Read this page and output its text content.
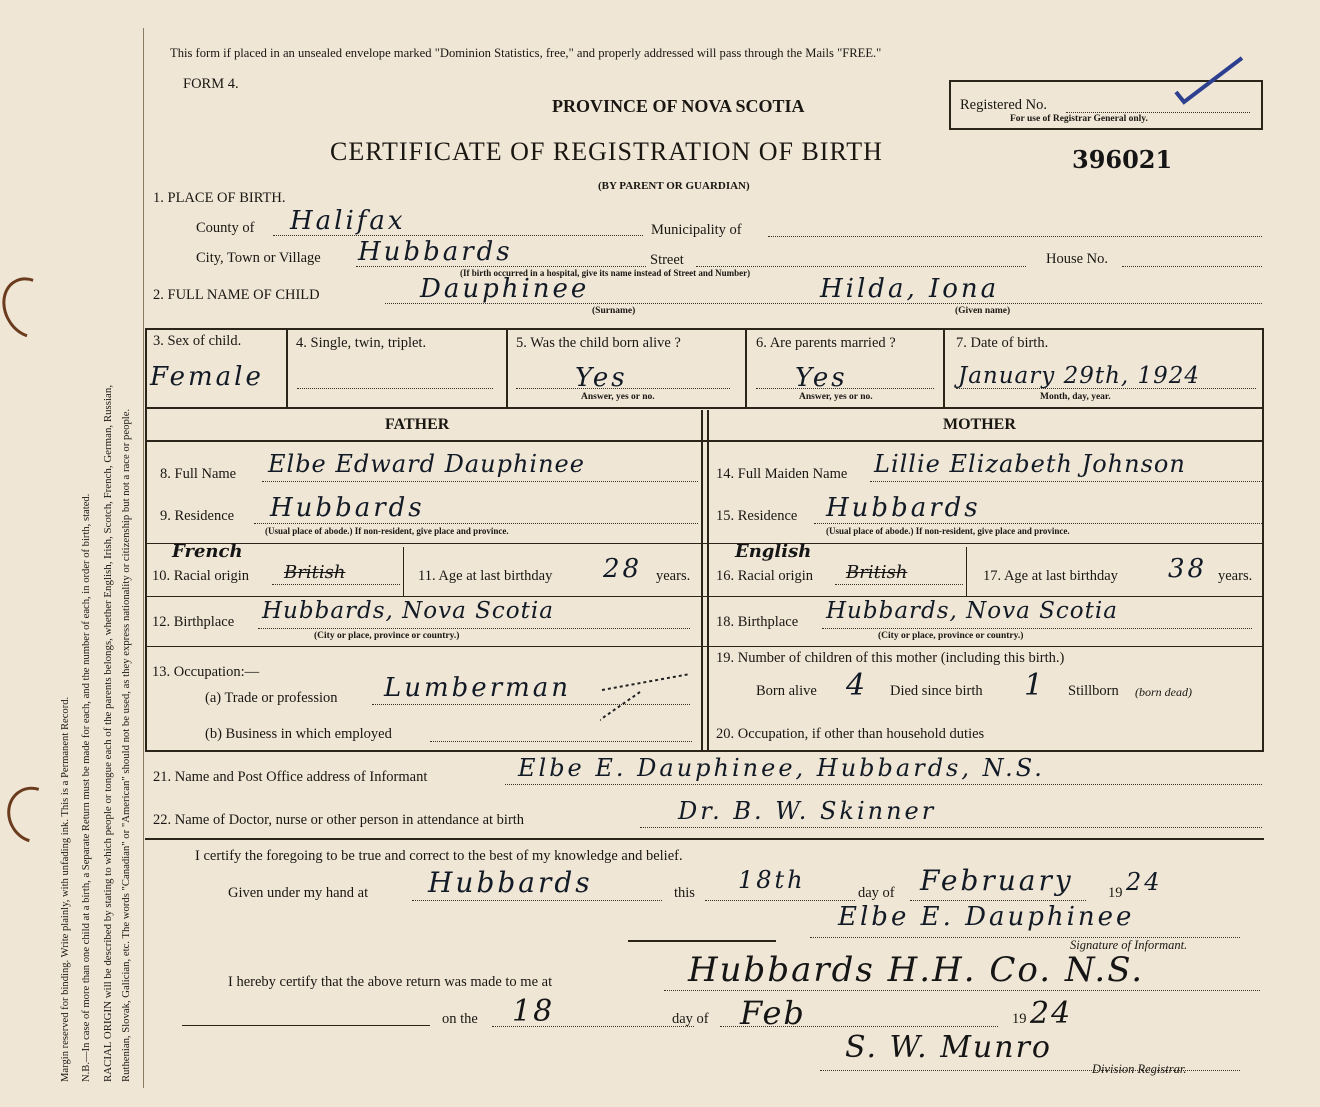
Margin reserved for binding. Write plainly, with unfading ink. This is a Permanent Record. N.B.—In case of more than one child at a birth, a Separate Return must be made for each, and the number of each, in order of birth, stated. RACIAL ORIGIN will be described by stating to which people or tongue each of the parents belongs, whether English, Irish, Scotch, French, German, Russian, Ruthenian, Slovak, Galician, etc. The words "Canadian" or "American" should not be used, as they express nationality or citizenship but not a race or people.
This form if placed in an unsealed envelope marked "Dominion Statistics, free," and properly addressed will pass through the Mails "FREE."
FORM 4.
PROVINCE OF NOVA SCOTIA
CERTIFICATE OF REGISTRATION OF BIRTH	396021
(BY PARENT OR GUARDIAN)
Registered No.
For use of Registrar General only.
1. PLACE OF BIRTH.
County of Halifax	Municipality of
City, Town or Village Hubbards	Street	House No.
(If birth occurred in a hospital, give its name instead of Street and Number)
2. FULL NAME OF CHILD	Dauphinee	Hilda, Iona
(Surname)	(Given name)
3. Sex of child.
Female
4. Single, twin, triplet.	5. Was the child born alive ?
Yes
Answer, yes or no.
6. Are parents married ?
Yes
Answer, yes or no.
7. Date of birth.
January 29th, 1924
Month, day, year.
FATHER	MOTHER
8. Full Name Elbe Edward Dauphinee
9. Residence Hubbards
(Usual place of abode.) If non-resident, give place and province.
10. Racial origin
French
British	11. Age at last birthday 28 years.
12. Birthplace Hubbards, Nova Scotia
(City or place, province or country.)
13. Occupation:—
(a) Trade or profession Lumberman
(b) Business in which employed
14. Full Maiden Name Lillie Elizabeth Johnson
15. Residence Hubbards
(Usual place of abode.) If non-resident, give place and province.
16. Racial origin
English
British	17. Age at last birthday 38 years.
18. Birthplace Hubbards, Nova Scotia
(City or place, province or country.)
19. Number of children of this mother (including this birth.)
Born alive 4 Died since birth 1 Stillborn (born dead)
20. Occupation, if other than household duties
21. Name and Post Office address of Informant	Elbe E. Dauphinee, Hubbards, N.S.
22. Name of Doctor, nurse or other person in attendance at birth	Dr. B. W. Skinner
I certify the foregoing to be true and correct to the best of my knowledge and belief.
Given under my hand at Hubbards	this 18th	day of February 19 24
Elbe E. Dauphinee
Signature of Informant.
I hereby certify that the above return was made to me at	Hubbards H.H. Co. N.S.
on the 18	day of Feb	19 24
S. W. Munro
Division Registrar.
